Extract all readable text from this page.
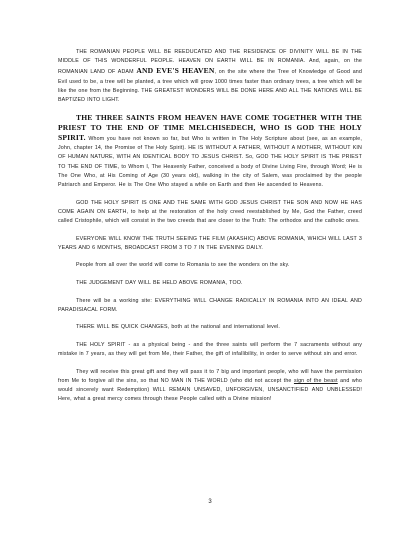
THE ROMANIAN PEOPLE WILL BE REEDUCATED AND THE RESIDENCE OF DIVINITY WILL BE IN THE MIDDLE OF THIS WONDERFUL PEOPLE. HEAVEN ON EARTH WILL BE IN ROMANIA. And, again, on the ROMANIAN LAND OF ADAM AND EVE'S HEAVEN, on the site where the Tree of Knowledge of Good and Evil used to be, a tree will be planted, a tree which will grow 1000 times faster than ordinary trees, a tree which will be like the one from the Beginning. THE GREATEST WONDERS WILL BE DONE HERE AND ALL THE NATIONS WILL BE BAPTIZED INTO LIGHT.

THE THREE SAINTS FROM HEAVEN HAVE COME TOGETHER WITH THE PRIEST TO THE END OF TIME MELCHISEDECH, WHO IS GOD THE HOLY SPIRIT. Whom you have not known so far, but Who is written in The Holy Scripture about (see, as an example, John, chapter 14, the Promise of The Holy Spirit). HE IS WITHOUT A FATHER, WITHOUT A MOTHER, WITHOUT KIN OF HUMAN NATURE, WITH AN IDENTICAL BODY TO JESUS CHRIST. So, GOD THE HOLY SPIRIT IS THE PRIEST TO THE END OF TIME, to Whom I, The Heavenly Father, conceived a body of Divine Living Fire, through Word; He is The One Who, at His Coming of Age (30 years old), walking in the city of Salem, was proclaimed by the people Patriarch and Emperor. He is The One Who stayed a while on Earth and then He ascended to Heavens.

GOD THE HOLY SPIRIT IS ONE AND THE SAME WITH GOD JESUS CHRIST THE SON AND NOW HE HAS COME AGAIN ON EARTH, to help at the restoration of the holy creed reestablished by Me, God the Father, creed called Cristophile, which will consist in the two creeds that are closer to the Truth: The orthodox and the catholic ones.

EVERYONE WILL KNOW THE TRUTH SEEING THE FILM (AKASHIC) ABOVE ROMANIA, WHICH WILL LAST 3 YEARS AND 6 MONTHS, BROADCAST FROM 3 TO 7 IN THE EVENING DAILY.

People from all over the world will come to Romania to see the wonders on the sky.

THE JUDGEMENT DAY WILL BE HELD ABOVE ROMANIA, TOO.

There will be a working site: EVERYTHING WILL CHANGE RADICALLY IN ROMANIA INTO AN IDEAL AND PARADISIACAL FORM.

THERE WILL BE QUICK CHANGES, both at the national and international level.

THE HOLY SPIRIT - as a physical being - and the three saints will perform the 7 sacraments without any mistake in 7 years, as they will get from Me, their Father, the gift of infallibility, in order to serve without sin and error.

They will receive this great gift and they will pass it to 7 big and important people, who will have the permission from Me to forgive all the sins, so that NO MAN IN THE WORLD (who did not accept the sign of the beast and who would sincerely want Redemption) WILL REMAIN UNSAVED, UNFORGIVEN, UNSANCTIFIED AND UNBLESSED! Here, what a great mercy comes through these People called with a Divine mission!

3
